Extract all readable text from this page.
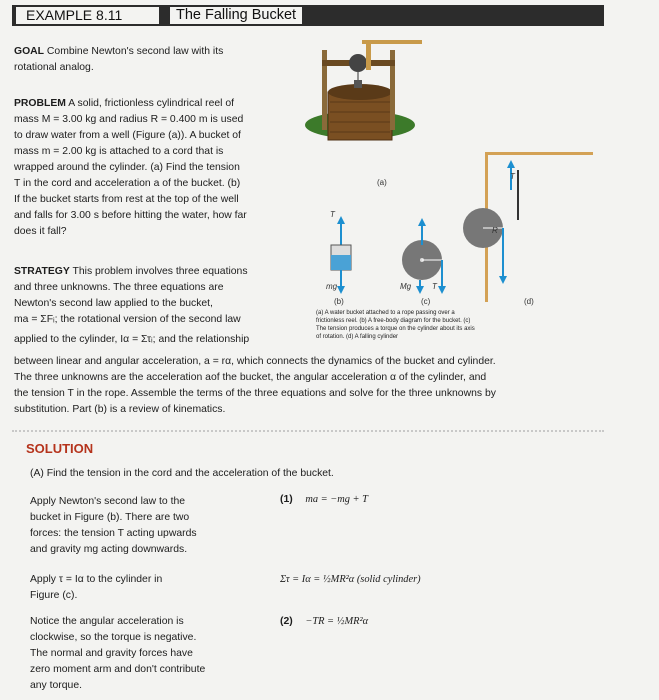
EXAMPLE 8.11	The Falling Bucket
GOAL Combine Newton's second law with its
rotational analog.
PROBLEM A solid, frictionless cylindrical reel of
mass M = 3.00 kg and radius R = 0.400 m is used
to draw water from a well (Figure (a)). A bucket of
mass m = 2.00 kg is attached to a cord that is
wrapped around the cylinder. (a) Find the tension
T in the cord and acceleration a of the bucket. (b)
If the bucket starts from rest at the top of the well
and falls for 3.00 s before hitting the water, how far
does it fall?
STRATEGY This problem involves three equations
and three unknowns. The three equations are
Newton's second law applied to the bucket,
ma = ΣFᵢ; the rotational version of the second law
applied to the cylinder, Iα = Στᵢ; and the relationship
between linear and angular acceleration, a = rα, which connects the dynamics of the bucket and cylinder.
The three unknowns are the acceleration aof the bucket, the angular acceleration α of the cylinder, and
the tension T in the rope. Assemble the terms of the three equations and solve for the three unknowns by
substitution. Part (b) is a review of kinematics.
(a)
(b)	(c)	(d)
T
mg	Mg	T
T
R
(a) A water bucket attached to a rope passing over a
frictionless reel. (b) A free-body diagram for the bucket. (c)
The tension produces a torque on the cylinder about its axis
of rotation. (d) A falling cylinder
SOLUTION
(A) Find the tension in the cord and the acceleration of the bucket.
Apply Newton's second law to the
bucket in Figure (b). There are two
forces: the tension T acting upwards
and gravity mg acting downwards.
(1) ma = −mg + T
Apply τ = Iα to the cylinder in
Figure (c).
Στ = Iα = ½MR²α (solid cylinder)
Notice the angular acceleration is
clockwise, so the torque is negative.
The normal and gravity forces have
zero moment arm and don't contribute
any torque.
(2) −TR = ½MR²α
